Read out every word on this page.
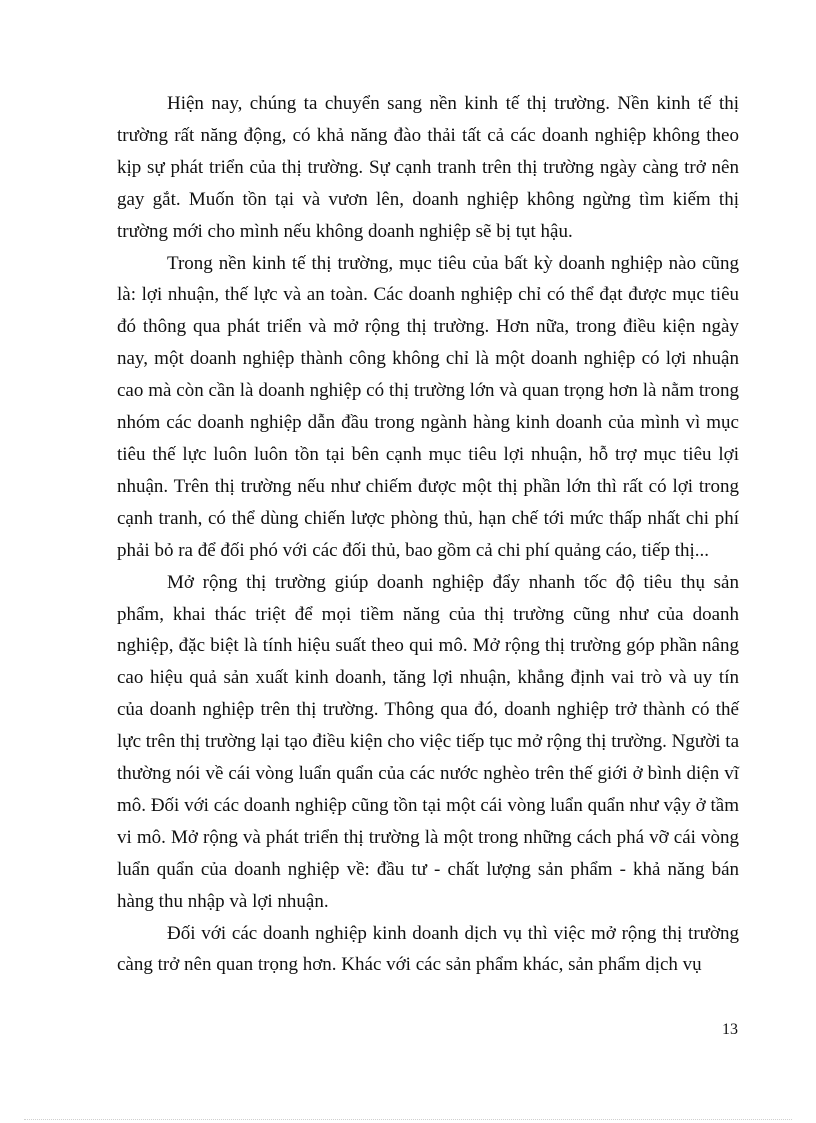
Hiện nay, chúng ta chuyển sang nền kinh tế thị trường. Nền kinh tế thị trường rất năng động, có khả năng đào thải tất cả các doanh nghiệp không theo kịp sự phát triển của thị trường. Sự cạnh tranh trên thị trường ngày càng trở nên gay gắt. Muốn tồn tại và vươn lên, doanh nghiệp không ngừng tìm kiếm thị trường mới cho mình nếu không doanh nghiệp sẽ bị tụt hậu.

Trong nền kinh tế thị trường, mục tiêu của bất kỳ doanh nghiệp nào cũng là: lợi nhuận, thế lực và an toàn. Các doanh nghiệp chỉ có thể đạt được mục tiêu đó thông qua phát triển và mở rộng thị trường. Hơn nữa, trong điều kiện ngày nay, một doanh nghiệp thành công không chỉ là một doanh nghiệp có lợi nhuận cao mà còn cần là doanh nghiệp có thị trường lớn và quan trọng hơn là nằm trong nhóm các doanh nghiệp dẫn đầu trong ngành hàng kinh doanh của mình vì mục tiêu thế lực luôn luôn tồn tại bên cạnh mục tiêu lợi nhuận, hỗ trợ mục tiêu lợi nhuận. Trên thị trường nếu như chiếm được một thị phần lớn thì rất có lợi trong cạnh tranh, có thể dùng chiến lược phòng thủ, hạn chế tới mức thấp nhất chi phí phải bỏ ra để đối phó với các đối thủ, bao gồm cả chi phí quảng cáo, tiếp thị...

Mở rộng thị trường giúp doanh nghiệp đẩy nhanh tốc độ tiêu thụ sản phẩm, khai thác triệt để mọi tiềm năng của thị trường cũng như của doanh nghiệp, đặc biệt là tính hiệu suất theo qui mô. Mở rộng thị trường góp phần nâng cao hiệu quả sản xuất kinh doanh, tăng lợi nhuận, khẳng định vai trò và uy tín của doanh nghiệp trên thị trường. Thông qua đó, doanh nghiệp trở thành có thế lực trên thị trường lại tạo điều kiện cho việc tiếp tục mở rộng thị trường. Người ta thường nói về cái vòng luẩn quẩn của các nước nghèo trên thế giới ở bình diện vĩ mô. Đối với các doanh nghiệp cũng tồn tại một cái vòng luẩn quẩn như vậy ở tầm vi mô. Mở rộng và phát triển thị trường là một trong những cách phá vỡ cái vòng luẩn quẩn của doanh nghiệp về: đầu tư - chất lượng sản phẩm - khả năng bán hàng thu nhập và lợi nhuận.

Đối với các doanh nghiệp kinh doanh dịch vụ thì việc mở rộng thị trường càng trở nên quan trọng hơn. Khác với các sản phẩm khác, sản phẩm dịch vụ

13
